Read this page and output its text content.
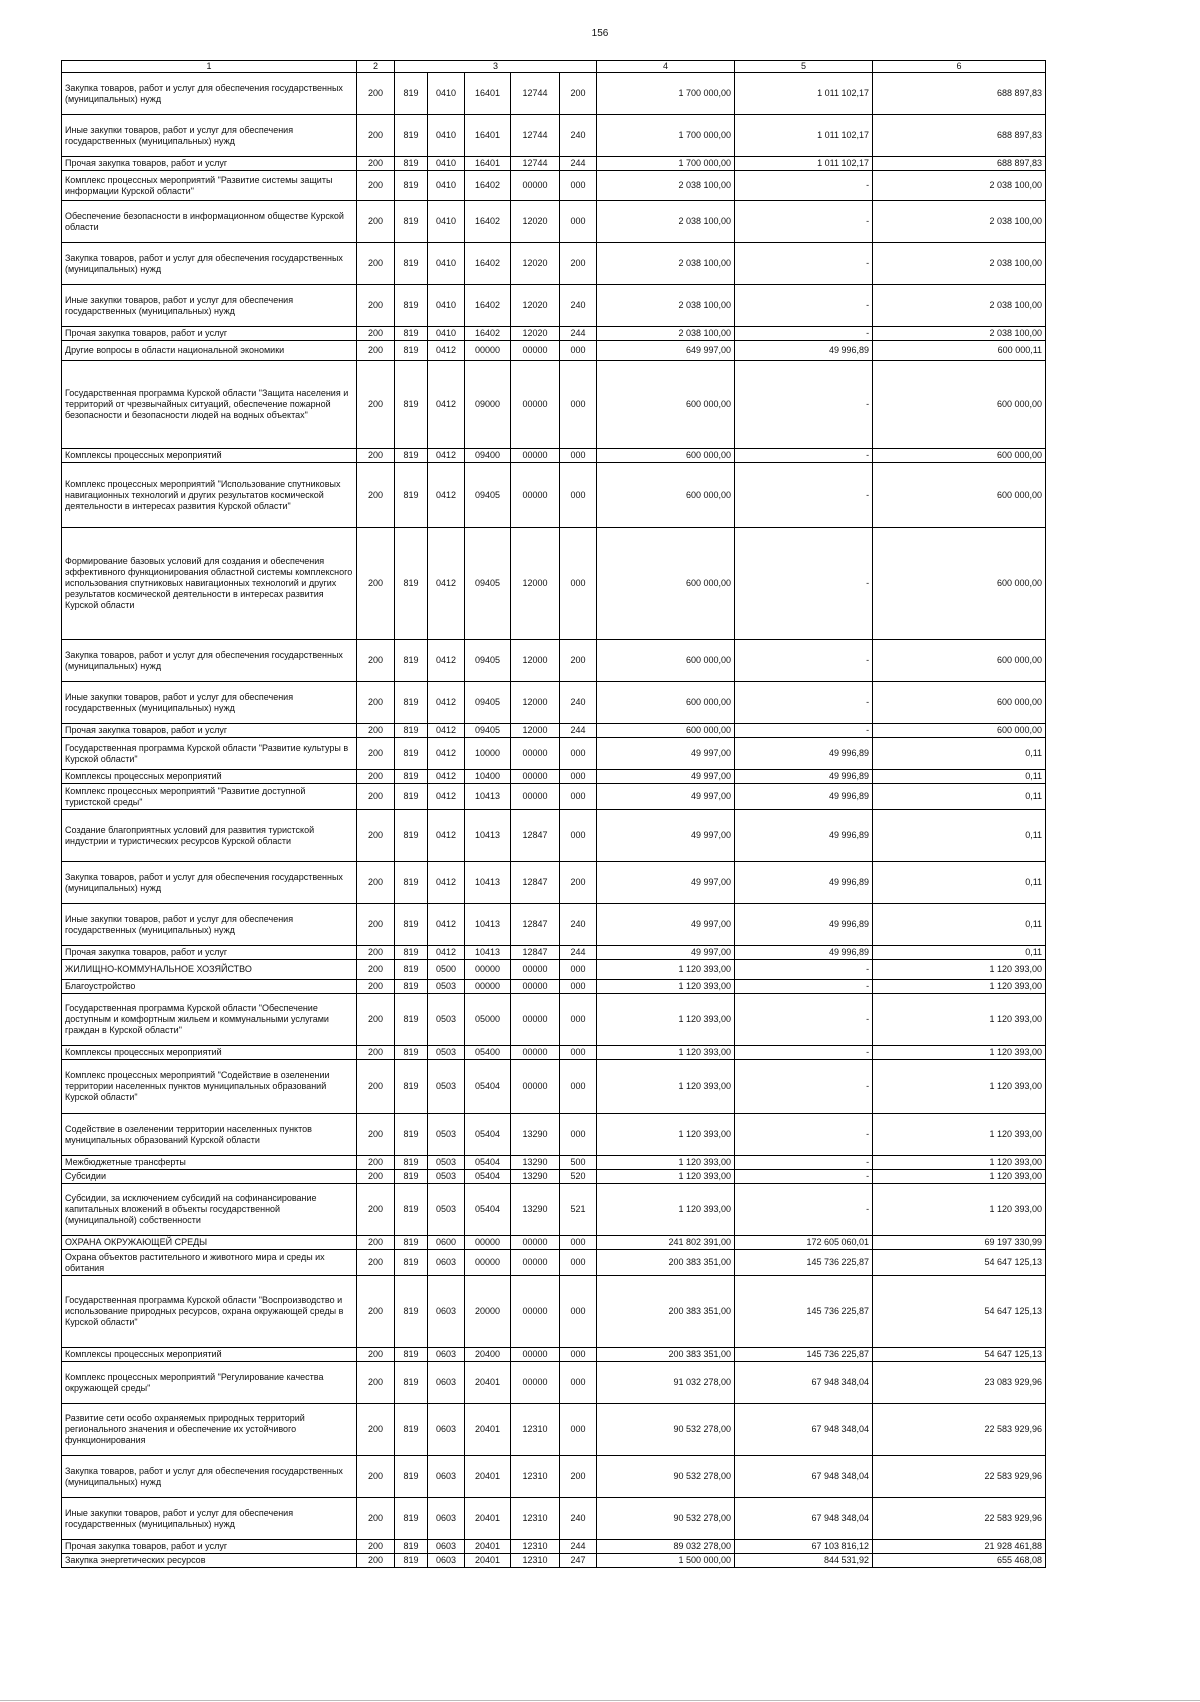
156
1	2	3					4	5	6
Закупка товаров, работ и услуг для обеспечения государственных (муниципальных) нужд	200	819	0410	16401	12744	200	1 700 000,00	1 011 102,17	688 897,83
Иные закупки товаров, работ и услуг для обеспечения государственных (муниципальных) нужд	200	819	0410	16401	12744	240	1 700 000,00	1 011 102,17	688 897,83
Прочая закупка товаров, работ и услуг	200	819	0410	16401	12744	244	1 700 000,00	1 011 102,17	688 897,83
Комплекс процессных мероприятий "Развитие системы защиты информации Курской области"	200	819	0410	16402	00000	000	2 038 100,00	-	2 038 100,00
Обеспечение безопасности в информационном обществе Курской области	200	819	0410	16402	12020	000	2 038 100,00	-	2 038 100,00
Закупка товаров, работ и услуг для обеспечения государственных (муниципальных) нужд	200	819	0410	16402	12020	200	2 038 100,00	-	2 038 100,00
Иные закупки товаров, работ и услуг для обеспечения государственных (муниципальных) нужд	200	819	0410	16402	12020	240	2 038 100,00	-	2 038 100,00
Прочая закупка товаров, работ и услуг	200	819	0410	16402	12020	244	2 038 100,00	-	2 038 100,00
Другие вопросы в области национальной экономики	200	819	0412	00000	00000	000	649 997,00	49 996,89	600 000,11
Государственная программа Курской области "Защита населения и территорий от чрезвычайных ситуаций, обеспечение пожарной безопасности и безопасности людей на водных объектах"	200	819	0412	09000	00000	000	600 000,00	-	600 000,00
Комплексы процессных мероприятий	200	819	0412	09400	00000	000	600 000,00	-	600 000,00
Комплекс процессных мероприятий "Использование спутниковых навигационных технологий и других результатов космической деятельности в интересах развития Курской области"	200	819	0412	09405	00000	000	600 000,00	-	600 000,00
Формирование базовых условий для создания и обеспечения эффективного функционирования областной системы комплексного использования спутниковых навигационных технологий и других результатов космической деятельности в интересах развития Курской области	200	819	0412	09405	12000	000	600 000,00	-	600 000,00
Закупка товаров, работ и услуг для обеспечения государственных (муниципальных) нужд	200	819	0412	09405	12000	200	600 000,00	-	600 000,00
Иные закупки товаров, работ и услуг для обеспечения государственных (муниципальных) нужд	200	819	0412	09405	12000	240	600 000,00	-	600 000,00
Прочая закупка товаров, работ и услуг	200	819	0412	09405	12000	244	600 000,00	-	600 000,00
Государственная программа Курской области "Развитие культуры в Курской области"	200	819	0412	10000	00000	000	49 997,00	49 996,89	0,11
Комплексы процессных мероприятий	200	819	0412	10400	00000	000	49 997,00	49 996,89	0,11
Комплекс процессных мероприятий "Развитие доступной туристской среды"	200	819	0412	10413	00000	000	49 997,00	49 996,89	0,11
Создание благоприятных условий для развития туристской индустрии и туристических ресурсов Курской области	200	819	0412	10413	12847	000	49 997,00	49 996,89	0,11
Закупка товаров, работ и услуг для обеспечения государственных (муниципальных) нужд	200	819	0412	10413	12847	200	49 997,00	49 996,89	0,11
Иные закупки товаров, работ и услуг для обеспечения государственных (муниципальных) нужд	200	819	0412	10413	12847	240	49 997,00	49 996,89	0,11
Прочая закупка товаров, работ и услуг	200	819	0412	10413	12847	244	49 997,00	49 996,89	0,11
ЖИЛИЩНО-КОММУНАЛЬНОЕ ХОЗЯЙСТВО	200	819	0500	00000	00000	000	1 120 393,00	-	1 120 393,00
Благоустройство	200	819	0503	00000	00000	000	1 120 393,00	-	1 120 393,00
Государственная программа Курской области "Обеспечение доступным и комфортным жильем и коммунальными услугами граждан в Курской области"	200	819	0503	05000	00000	000	1 120 393,00	-	1 120 393,00
Комплексы процессных мероприятий	200	819	0503	05400	00000	000	1 120 393,00	-	1 120 393,00
Комплекс процессных мероприятий "Содействие в озеленении территории населенных пунктов муниципальных образований Курской области"	200	819	0503	05404	00000	000	1 120 393,00	-	1 120 393,00
Содействие в озеленении территории населенных пунктов муниципальных образований Курской области	200	819	0503	05404	13290	000	1 120 393,00	-	1 120 393,00
Межбюджетные трансферты	200	819	0503	05404	13290	500	1 120 393,00	-	1 120 393,00
Субсидии	200	819	0503	05404	13290	520	1 120 393,00	-	1 120 393,00
Субсидии, за исключением субсидий на софинансирование капитальных вложений в объекты государственной (муниципальной) собственности	200	819	0503	05404	13290	521	1 120 393,00	-	1 120 393,00
ОХРАНА ОКРУЖАЮЩЕЙ СРЕДЫ	200	819	0600	00000	00000	000	241 802 391,00	172 605 060,01	69 197 330,99
Охрана объектов растительного и животного мира и среды их обитания	200	819	0603	00000	00000	000	200 383 351,00	145 736 225,87	54 647 125,13
Государственная программа Курской области "Воспроизводство и использование природных ресурсов, охрана окружающей среды в Курской области"	200	819	0603	20000	00000	000	200 383 351,00	145 736 225,87	54 647 125,13
Комплексы процессных мероприятий	200	819	0603	20400	00000	000	200 383 351,00	145 736 225,87	54 647 125,13
Комплекс процессных мероприятий "Регулирование качества окружающей среды"	200	819	0603	20401	00000	000	91 032 278,00	67 948 348,04	23 083 929,96
Развитие сети особо охраняемых природных территорий регионального значения и обеспечение их устойчивого функционирования	200	819	0603	20401	12310	000	90 532 278,00	67 948 348,04	22 583 929,96
Закупка товаров, работ и услуг для обеспечения государственных (муниципальных) нужд	200	819	0603	20401	12310	200	90 532 278,00	67 948 348,04	22 583 929,96
Иные закупки товаров, работ и услуг для обеспечения государственных (муниципальных) нужд	200	819	0603	20401	12310	240	90 532 278,00	67 948 348,04	22 583 929,96
Прочая закупка товаров, работ и услуг	200	819	0603	20401	12310	244	89 032 278,00	67 103 816,12	21 928 461,88
Закупка энергетических ресурсов	200	819	0603	20401	12310	247	1 500 000,00	844 531,92	655 468,08
